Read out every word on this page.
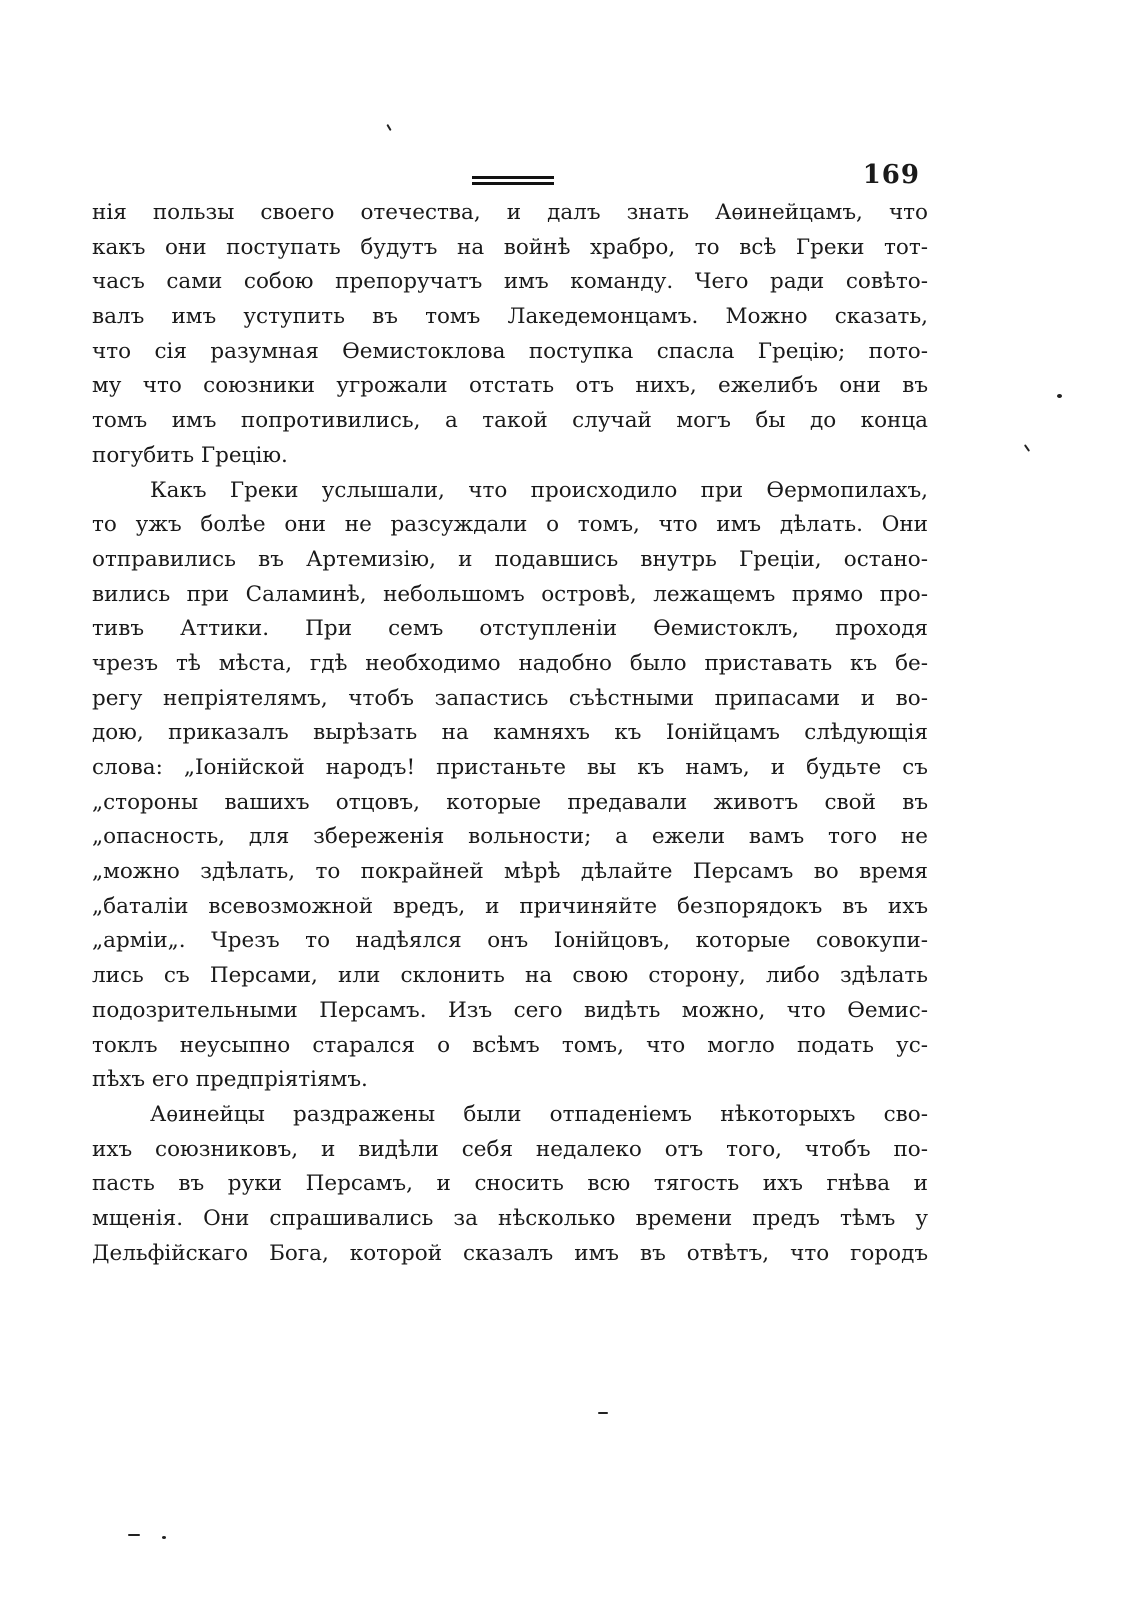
169
нія пользы своего отечества, и далъ знать Аѳинейцамъ, что
какъ они поступать будутъ на войнѣ храбро, то всѣ Греки тот-
часъ сами собою препоручатъ имъ команду. Чего ради совѣто-
валъ имъ уступить въ томъ Лакедемонцамъ. Можно сказать,
что сія разумная Ѳемистоклова поступка спасла Грецію; пото-
му что союзники угрожали отстать отъ нихъ, ежелибъ они въ
томъ имъ попротивились, а такой случай могъ бы до конца
погубить Грецію.
Какъ Греки услышали, что происходило при Ѳермопилахъ,
то ужъ болѣе они не разсуждали о томъ, что имъ дѣлать. Они
отправились въ Артемизію, и подавшись внутрь Греціи, остано-
вились при Саламинѣ, небольшомъ островѣ, лежащемъ прямо про-
тивъ Аттики. При семъ отступленіи Ѳемистоклъ, проходя
чрезъ тѣ мѣста, гдѣ необходимо надобно было приставать къ бе-
регу непріятелямъ, чтобъ запастись съѣстными припасами и во-
дою, приказалъ вырѣзать на камняхъ къ Іонійцамъ слѣдующія
слова: „Іонійской народъ! пристаньте вы къ намъ, и будьте съ
„стороны вашихъ отцовъ, которые предавали животъ свой въ
„опасность, для збереженія вольности; а ежели вамъ того не
„можно здѣлать, то покрайней мѣрѣ дѣлайте Персамъ во время
„баталіи всевозможной вредъ, и причиняйте безпорядокъ въ ихъ
„арміи„. Чрезъ то надѣялся онъ Іонійцовъ, которые совокупи-
лись съ Персами, или склонить на свою сторону, либо здѣлать
подозрительными Персамъ. Изъ сего видѣть можно, что Ѳемис-
токлъ неусыпно старался о всѣмъ томъ, что могло подать ус-
пѣхъ его предпріятіямъ.
Аѳинейцы раздражены были отпаденіемъ нѣкоторыхъ сво-
ихъ союзниковъ, и видѣли себя недалеко отъ того, чтобъ по-
пасть въ руки Персамъ, и сносить всю тягость ихъ гнѣва и
мщенія. Они спрашивались за нѣсколько времени предъ тѣмъ у
Дельфійскаго Бога, которой сказалъ имъ въ отвѣтъ, что городъ
